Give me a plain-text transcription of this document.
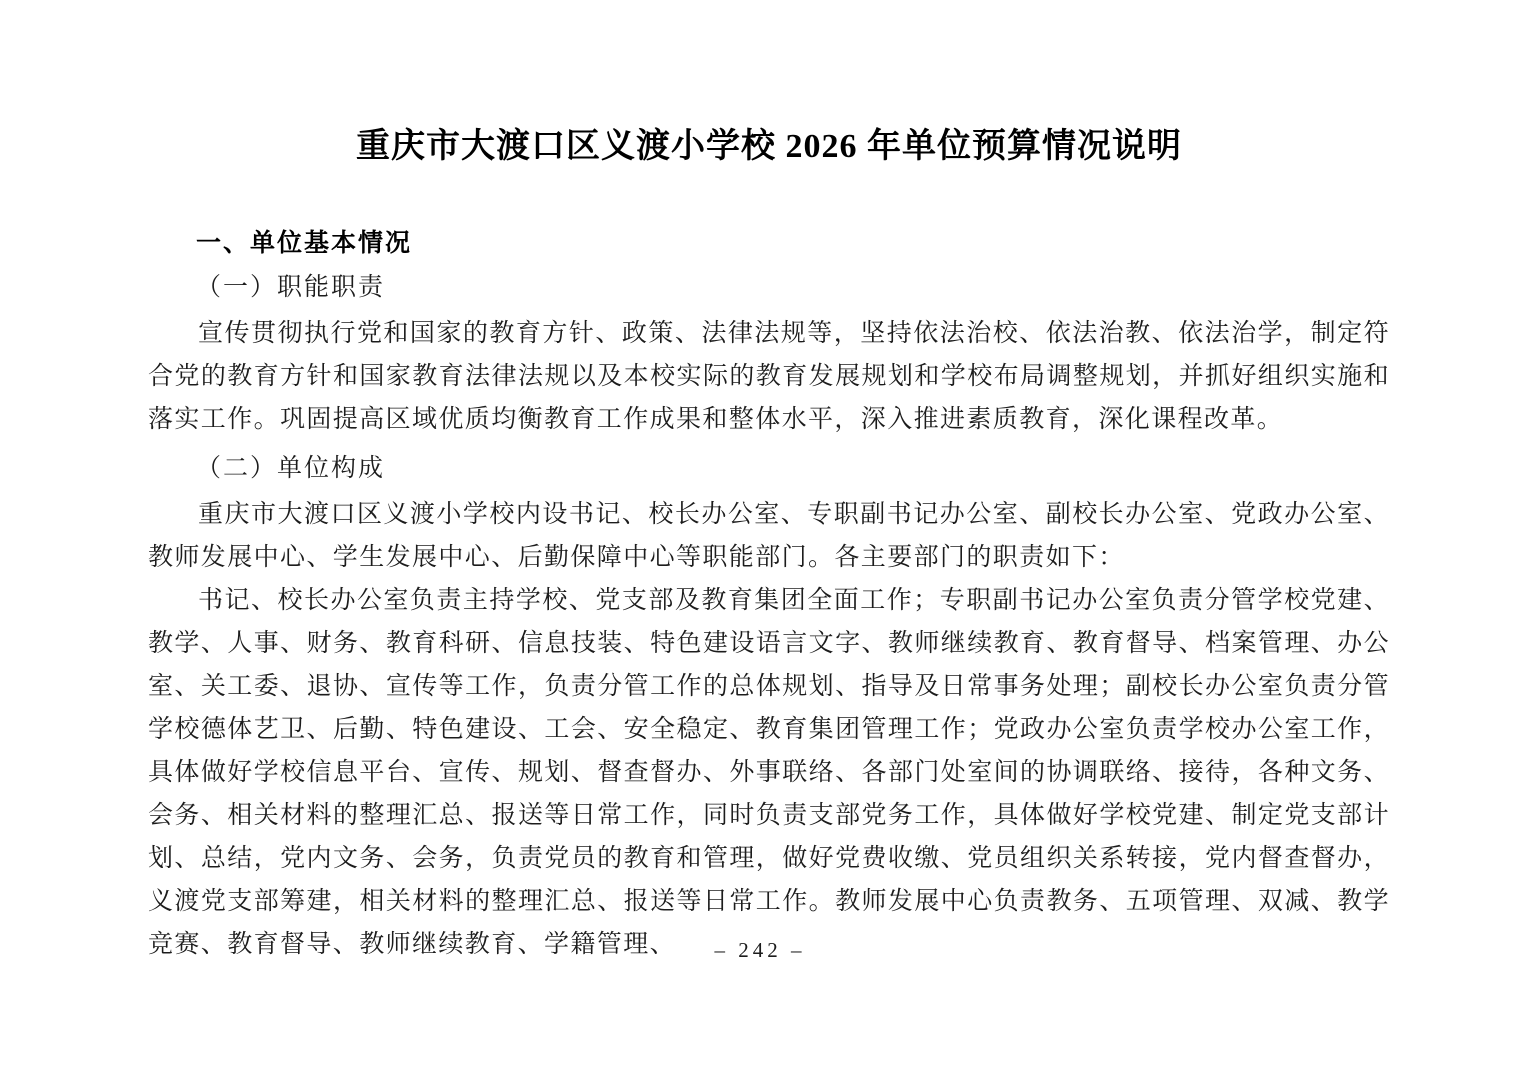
重庆市大渡口区义渡小学校 2026 年单位预算情况说明
一、单位基本情况
（一）职能职责

宣传贯彻执行党和国家的教育方针、政策、法律法规等，坚持依法治校、依法治教、依法治学，制定符合党的教育方针和国家教育法律法规以及本校实际的教育发展规划和学校布局调整规划，并抓好组织实施和落实工作。巩固提高区域优质均衡教育工作成果和整体水平，深入推进素质教育，深化课程改革。

（二）单位构成

重庆市大渡口区义渡小学校内设书记、校长办公室、专职副书记办公室、副校长办公室、党政办公室、教师发展中心、学生发展中心、后勤保障中心等职能部门。各主要部门的职责如下：

书记、校长办公室负责主持学校、党支部及教育集团全面工作；专职副书记办公室负责分管学校党建、教学、人事、财务、教育科研、信息技装、特色建设语言文字、教师继续教育、教育督导、档案管理、办公室、关工委、退协、宣传等工作，负责分管工作的总体规划、指导及日常事务处理；副校长办公室负责分管学校德体艺卫、后勤、特色建设、工会、安全稳定、教育集团管理工作；党政办公室负责学校办公室工作，具体做好学校信息平台、宣传、规划、督查督办、外事联络、各部门处室间的协调联络、接待，各种文务、会务、相关材料的整理汇总、报送等日常工作，同时负责支部党务工作，具体做好学校党建、制定党支部计划、总结，党内文务、会务，负责党员的教育和管理，做好党费收缴、党员组织关系转接，党内督查督办，义渡党支部筹建，相关材料的整理汇总、报送等日常工作。教师发展中心负责教务、五项管理、双减、教学竞赛、教育督导、教师继续教育、学籍管理、	– 242 –
